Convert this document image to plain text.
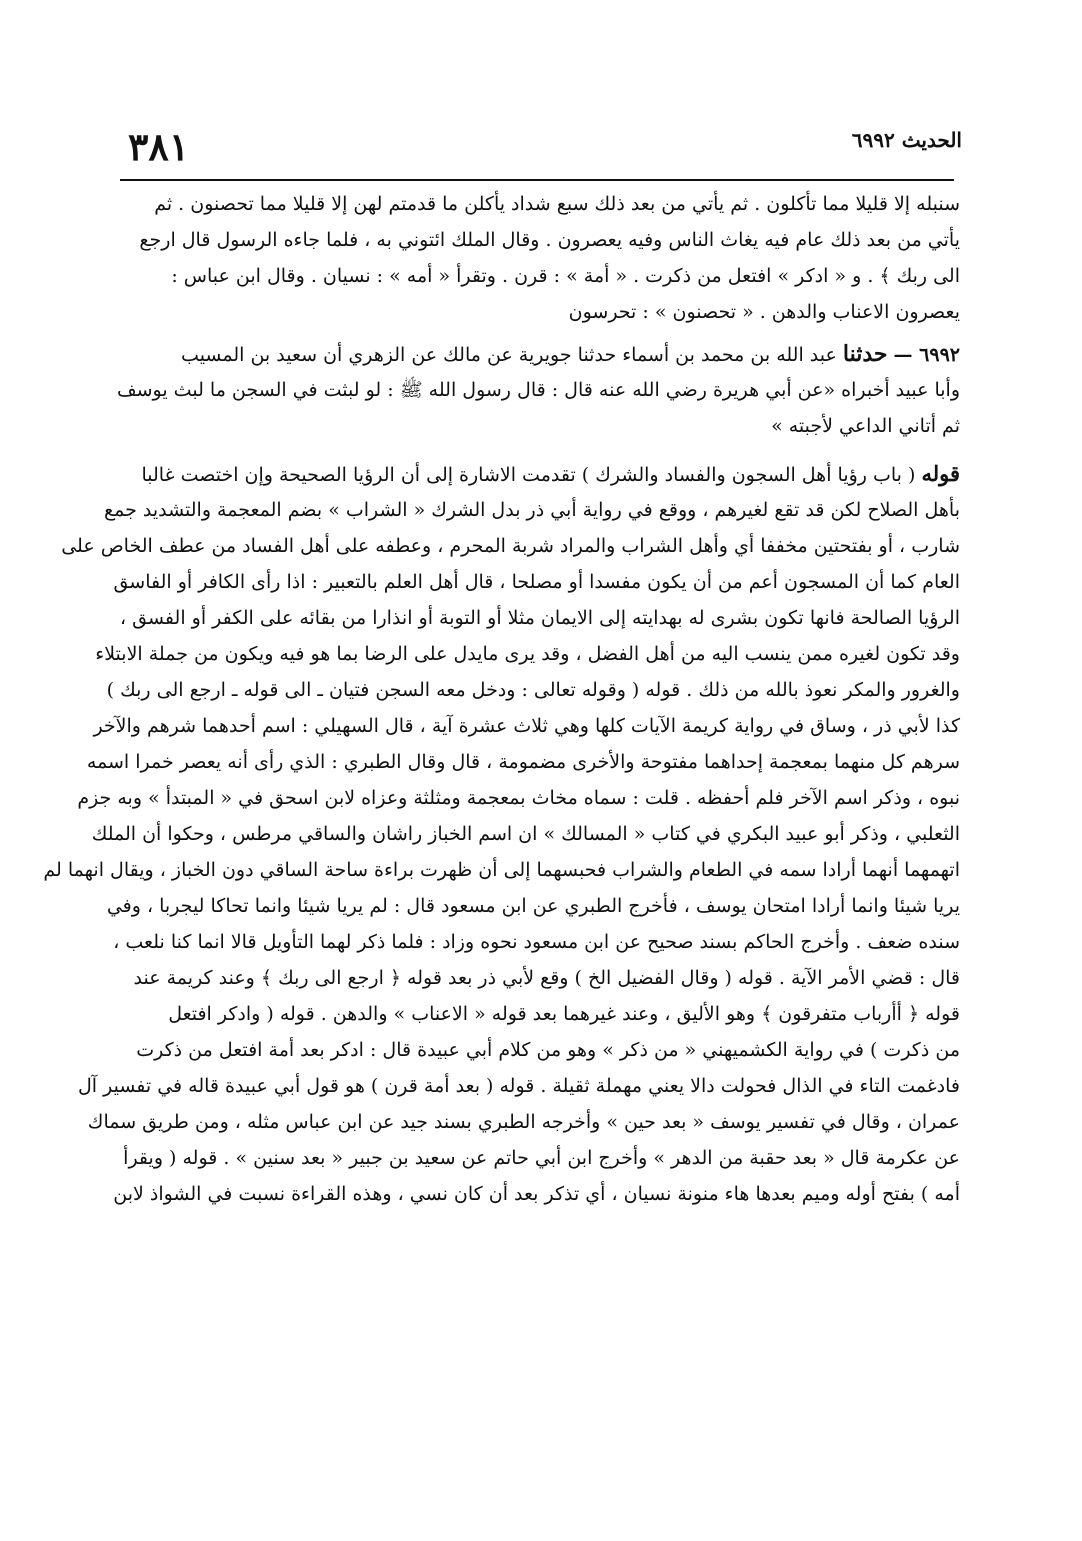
الحديث ٦٩٩٢
٣٨١
سنبله إلا قليلا مما تأكلون . ثم يأتي من بعد ذلك سبع شداد يأكلن ما قدمتم لهن إلا قليلا مما تحصنون . ثم
يأتي من بعد ذلك عام فيه يغاث الناس وفيه يعصرون . وقال الملك ائتوني به ، فلما جاءه الرسول قال ارجع
الى ربك ﴾ . و « ادكر » افتعل من ذكرت . « أمة » : قرن . وتقرأ « أمه » : نسيان . وقال ابن عباس :
يعصرون الاعناب والدهن . « تحصنون » : تحرسون
٦٩٩٢ — حدثنا عبد الله بن محمد بن أسماء حدثنا جويرية عن مالك عن الزهري أن سعيد بن المسيب
وأبا عبيد أخبراه «عن أبي هريرة رضي الله عنه قال : قال رسول الله ﷺ : لو لبثت في السجن ما لبث يوسف
ثم أتاني الداعي لأجبته »
قوله ( باب رؤيا أهل السجون والفساد والشرك ) تقدمت الاشارة إلى أن الرؤيا الصحيحة وإن اختصت غالبا
بأهل الصلاح لكن قد تقع لغيرهم ، ووقع في رواية أبي ذر بدل الشرك « الشراب » بضم المعجمة والتشديد جمع
شارب ، أو بفتحتين مخففا أي وأهل الشراب والمراد شربة المحرم ، وعطفه على أهل الفساد من عطف الخاص على
العام كما أن المسجون أعم من أن يكون مفسدا أو مصلحا ، قال أهل العلم بالتعبير : اذا رأى الكافر أو الفاسق
الرؤيا الصالحة فانها تكون بشرى له بهدايته إلى الايمان مثلا أو التوبة أو انذارا من بقائه على الكفر أو الفسق ،
وقد تكون لغيره ممن ينسب اليه من أهل الفضل ، وقد يرى مايدل على الرضا بما هو فيه ويكون من جملة الابتلاء
والغرور والمكر نعوذ بالله من ذلك . قوله ( وقوله تعالى : ودخل معه السجن فتيان ـ الى قوله ـ ارجع الى ربك )
كذا لأبي ذر ، وساق في رواية كريمة الآيات كلها وهي ثلاث عشرة آية ، قال السهيلي : اسم أحدهما شرهم والآخر
سرهم كل منهما بمعجمة إحداهما مفتوحة والأخرى مضمومة ، قال وقال الطبري : الذي رأى أنه يعصر خمرا اسمه
نبوه ، وذكر اسم الآخر فلم أحفظه . قلت : سماه مخاث بمعجمة ومثلثة وعزاه لابن اسحق في « المبتدأ » وبه جزم
الثعلبي ، وذكر أبو عبيد البكري في كتاب « المسالك » ان اسم الخباز راشان والساقي مرطس ، وحكوا أن الملك
اتهمهما أنهما أرادا سمه في الطعام والشراب فحبسهما إلى أن ظهرت براءة ساحة الساقي دون الخباز ، ويقال انهما لم
يريا شيئا وانما أرادا امتحان يوسف ، فأخرج الطبري عن ابن مسعود قال : لم يريا شيئا وانما تحاكا ليجربا ، وفي
سنده ضعف . وأخرج الحاكم بسند صحيح عن ابن مسعود نحوه وزاد : فلما ذكر لهما التأويل قالا انما كنا نلعب ،
قال : قضي الأمر الآية . قوله ( وقال الفضيل الخ ) وقع لأبي ذر بعد قوله ﴿ ارجع الى ربك ﴾ وعند كريمة عند
قوله ﴿ أأرباب متفرقون ﴾ وهو الأليق ، وعند غيرهما بعد قوله « الاعناب » والدهن . قوله ( وادكر افتعل
من ذكرت ) في رواية الكشميهني « من ذكر » وهو من كلام أبي عبيدة قال : ادكر بعد أمة افتعل من ذكرت
فادغمت التاء في الذال فحولت دالا يعني مهملة ثقيلة . قوله ( بعد أمة قرن ) هو قول أبي عبيدة قاله في تفسير آل
عمران ، وقال في تفسير يوسف « بعد حين » وأخرجه الطبري بسند جيد عن ابن عباس مثله ، ومن طريق سماك
عن عكرمة قال « بعد حقبة من الدهر » وأخرج ابن أبي حاتم عن سعيد بن جبير « بعد سنين » . قوله ( ويقرأ
أمه ) بفتح أوله وميم بعدها هاء منونة نسيان ، أي تذكر بعد أن كان نسي ، وهذه القراءة نسبت في الشواذ لابن
